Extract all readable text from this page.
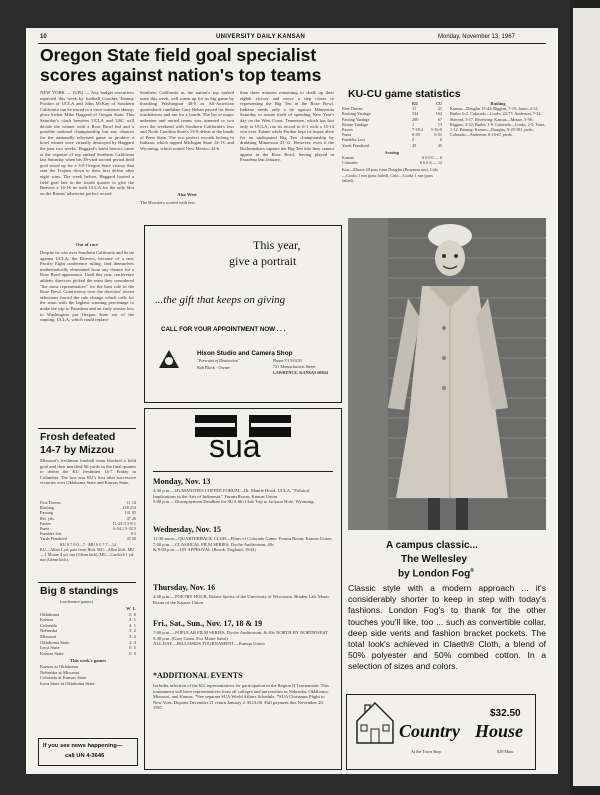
10	UNIVERSITY DAILY KANSAN	Monday, November 13, 1967
Oregon State field goal specialist
scores against nation's top teams
NEW YORK — (UPI) — Any budget executives expected this week by football Coaches Tommy Prothro of UCLA and John McKay of Southern California can be traced to a once-common skinny, place kicker Mike Haggard of Oregon State. This Saturday's clash between UCLA and USC will decide the winner with a Rose Bowl bid and a possible national championship but any chances for the nationally televised game to produce a bowl winner were virtually destroyed by Haggard the past two weeks. Haggard's latest heroics came at the expense of top ranked Southern California last Saturday when his 38-yard second period field goal stood up for a 3-0 Oregon State victory that sent the Trojans down to their first defeat after eight wins. The week before, Haggard booted a field goal late in the fourth quarter to give the Beavers a 16-16 tie with UCLA for the only blot on the Bruins' otherwise perfect record.
Out of race
Despite its win over Southern California and its tie against UCLA, the Beavers, because of a new Pacific Eight conference ruling, find themselves mathematically eliminated from any chance for a Rose Bowl appearance. Until this year, conference athletic directors picked the team they considered "the most representative" for the host role in the Rose Bowl. Controversy over the directors' recent selections forced the rule change which calls for the team with the highest winning percentage to make the trip to Pasadena and an early season loss to Washington put Oregon State out of the running. UCLA, which could replace
Southern California as the nation's top ranked team this week, will warm up for its big game by thrashing Washington 48-0 as All-American quarterback candidate Gary Beban passed for three touchdowns and ran for a fourth. The list of major unbeaten and untied teams was trimmed to two over the weekend with Southern California's loss and North Carolina State's 13-8 defeat at the hands of Penn State. The two perfect records belong to Indiana, which nipped Michigan State 14-13, and Wyoming, which routed New Mexico 42-6.
Also West
The Hoosiers scored with less
than three minutes remaining to chalk up their eighth victory and move a step closer to representing the Big Ten in the Rose Bowl. Indiana needs only a tie against Minnesota Saturday to assure itself of spending New Year's day on the West Coast. Tennessee, which has lost only to UCLA, ran its record to 6-1 with a 35-14 win over Tulane while Purdue kept its hopes alive for an undisputed Big Ten championship by drubbing Minnesota 41-12. However, even if the Boilermakers capture the Big Ten title they cannot appear in the Rose Bowl, having played in Pasadena last January.
KU-CU game statistics
KU	CU
First Downs	11	21
Rushing Yardage	134	164
Passing Yardage	200	67
Return Yardage	1	13
Passes	7-18-2 5-16-0
Punts	6-39	6-31
Fumbles Lost	2	0
Yards Penalized	45	45
Scoring
Kansas	0 0 0 0 — 0
Colorado	0 6 0 6 — 12
Kan—Mouse 20 pass from Douglas (Bowman run). Colo—Cooks 1 run (pass failed). Colo—Cooks 1 run (pass failed).
Rushing
Kansas—Douglas 15-42; Riggins, 7-19; Jones, 4-12; Butler, 6-2. Colorado—Cooks, 22-77; Anderson, 7-32; Sherrod, 5-17. Receiving: Kansas—Mouse, 3-58; Riggins, 2-22; Butler, 1-9. Colorado—Cooks, 2-5; Forte, 1-12. Passing: Kansas—Douglas, 9-25-381 yards. Colorado—Anderson, 8-16-67 yards.
A campus classic...
The Wellesley
by London Fog®
Classic style with a modern approach ... it's considerably shorter to keep in step with today's fashions. London Fog's to thank for the other touches you'll like, too ... such as convertible collar, deep side vents and fashion bracket pockets. The total look's achieved in Claeth® Cloth, a blend of 50% polyester and 50% combed cotton. In a selection of sizes and colors.
$32.50
Country House
At the Town Shop	829 Mass.
This year,
give a portrait
...the gift that keeps on giving
CALL FOR YOUR APPOINTMENT NOW . . .
Hixon Studio and Camera Shop
"Portraits of Distinction"
Bob Block · Owner
Phone VI 3-0233
721 Massachusetts Street
LAWRENCE, KANSAS 66044
Frosh defeated
14-7 by Mizzou
Missouri's freshman football team blocked a field goal and then marched 96 yards in the final quarter to defeat the KU freshmen 14-7 Friday in Columbia. The loss was KU's first after successive victories over Oklahoma State and Kansas State.
First Downs	11 14
Rushing	128 214
Passing	131 85
Ret. yds.	47 26
Passes	11-23-3 3-8-1
Punts	6-34.1 5-32.5
Fumbles lost	0 3
Yards Penalized	45 50
KU 0 7 0 0—7 · MU 0 0 7 7—14
KU—Allen 1 yd. pass from Holt. MU—Allen kick. MU—J. Moore 4 yd. run (Glenn kick). MU—Cardoch 1 yd. run (Glenn kick).
Big 8 standings
(conference games)
W L
Oklahoma	5 0
Kansas	4 1
Colorado	4 1
Nebraska	3 2
Missouri	3 2
Oklahoma State	2 3
Iowa State	0 5
Kansas State	0 5
This week's games
Kansas at Oklahoma
Nebraska at Missouri
Colorado at Kansas State
Iowa State at Oklahoma State
If you see news happening—
call UN 4-3646
sua
Monday, Nov. 13
4:30 p.m.—HUMANITIES COFFEE FORUM—Dr. Mantle Hood, UCLA, "Political Implications in the Arts of Indonesia." Forum Room, Kansas Union
5:00 p.m.—Downpayment Deadline for SUA Ski Club Trip to Jackson Hole, Wyoming.
Wednesday, Nov. 15
12:30 noon—QUARTERBACK CLUB—Films of Colorado Game. Forum Room, Kansas Union.
7:00 p.m.—CLASSICAL FILM SERIES, Dyche Auditorium, 40c
& 9:00 p.m.—ON APPROVAL (Brook, England, 1944)
Thursday, Nov. 16
4:30 p.m.—POETRY HOUR, Robert Speiss of the University of Wisconsin. Braden Lab. Music Room of the Kansas Union
Fri., Sat., Sun., Nov. 17, 18 & 19
7:00 p.m.—POPULAR FILM SERIES, Dyche Auditorium, & 40c NORTH BY NORTHWEST
9:30 p.m. (Gary Grant, Eva Marie Saint)
ALL DAY—BILLIARDS TOURNAMENT—Kansas Union
*ADDITIONAL EVENTS
Includes selection of the KU representatives for participation in the Region II Tournament. This tournament will have representatives from all colleges and universities in Nebraska, Oklahoma, Missouri, and Kansas. *See separate SUA World Affairs Schedule. *SUA Christmas Flight to New York. Departs December 21 return January 2. $113.00. Full payment due November 20, 1967.
